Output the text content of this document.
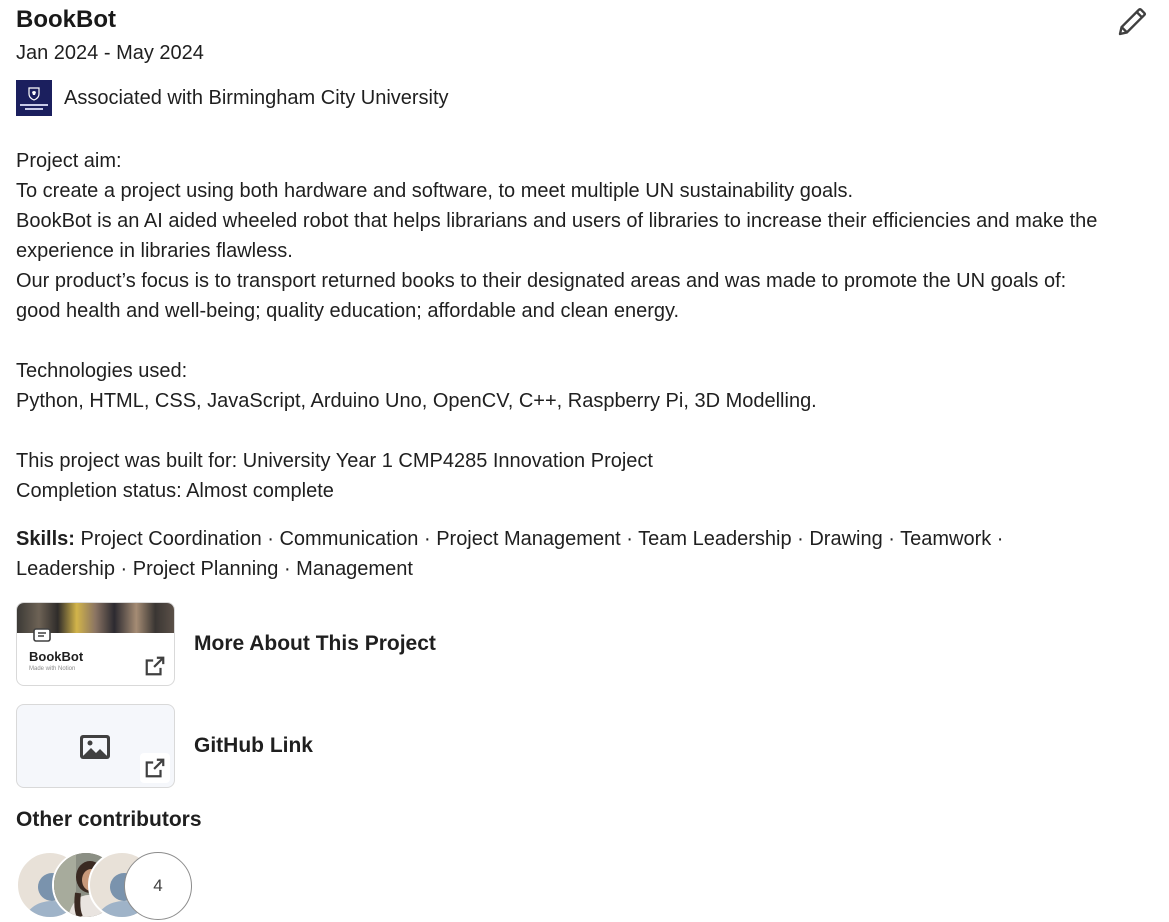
BookBot
Jan 2024 - May 2024
Associated with Birmingham City University

Project aim:

To create a project using both hardware and software, to meet multiple UN sustainability goals.

BookBot is an AI aided wheeled robot that helps librarians and users of libraries to increase their efficiencies and make the experience in libraries flawless.

Our product’s focus is to transport returned books to their designated areas and was made to promote the UN goals of: good health and well-being; quality education; affordable and clean energy.

Technologies used:

Python, HTML, CSS, JavaScript, Arduino Uno, OpenCV, C++, Raspberry Pi, 3D Modelling.

This project was built for: University Year 1 CMP4285 Innovation Project

Completion status: Almost complete

Skills: Project Coordination · Communication · Project Management · Team Leadership · Drawing · Teamwork · Leadership · Project Planning · Management
BookBot
Made with Notion
More About This Project
GitHub Link
Other contributors
4
